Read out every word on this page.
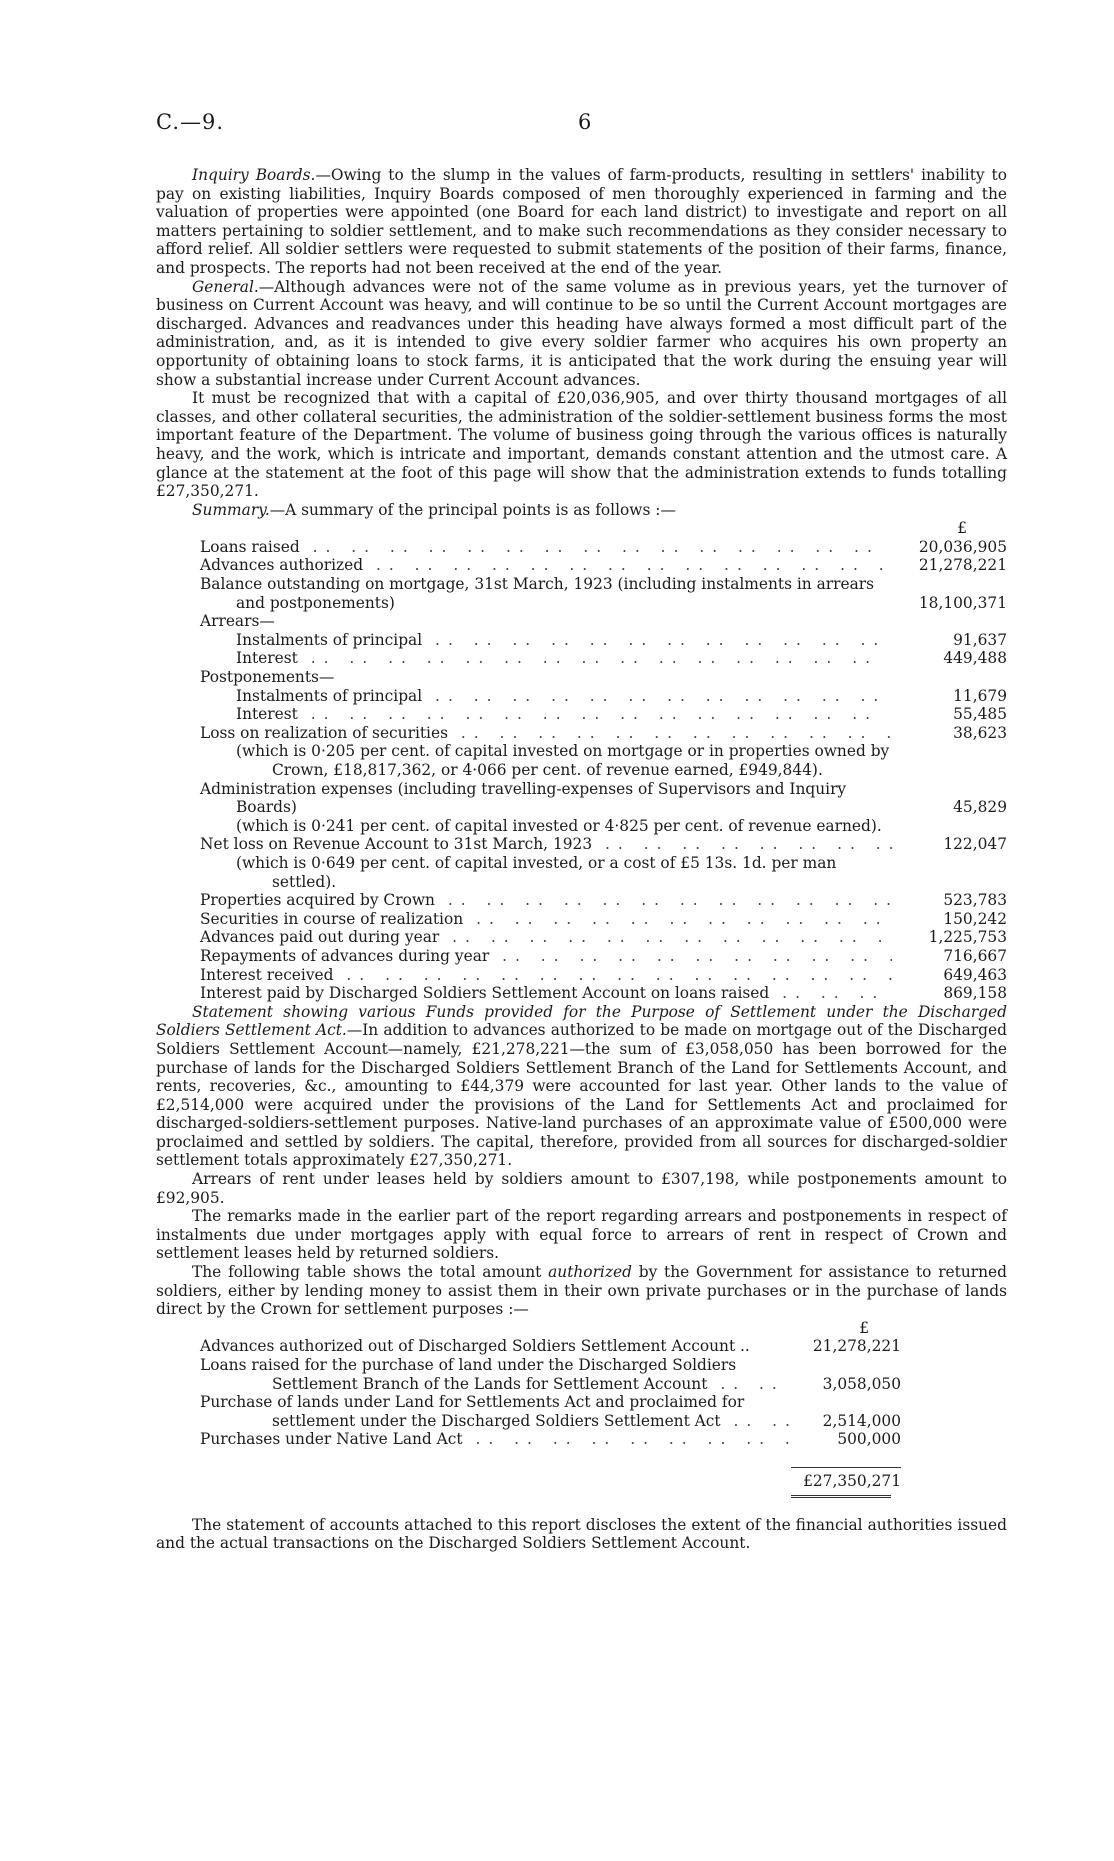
C.—9.	6

Inquiry Boards.—Owing to the slump in the values of farm-products, resulting in settlers' inability to pay on existing liabilities, Inquiry Boards composed of men thoroughly experienced in farming and the valuation of properties were appointed (one Board for each land district) to investigate and report on all matters pertaining to soldier settlement, and to make such recommendations as they consider necessary to afford relief. All soldier settlers were requested to submit statements of the position of their farms, finance, and prospects. The reports had not been received at the end of the year.

General.—Although advances were not of the same volume as in previous years, yet the turnover of business on Current Account was heavy, and will continue to be so until the Current Account mortgages are discharged. Advances and readvances under this heading have always formed a most difficult part of the administration, and, as it is intended to give every soldier farmer who acquires his own property an opportunity of obtaining loans to stock farms, it is anticipated that the work during the ensuing year will show a substantial increase under Current Account advances.

It must be recognized that with a capital of £20,036,905, and over thirty thousand mortgages of all classes, and other collateral securities, the administration of the soldier-settlement business forms the most important feature of the Department. The volume of business going through the various offices is naturally heavy, and the work, which is intricate and important, demands constant attention and the utmost care. A glance at the statement at the foot of this page will show that the administration extends to funds totalling £27,350,271.

Summary.—A summary of the principal points is as follows :—

£
Loans raised .. ..	20,036,905
Advances authorized .. ..	21,278,221
Balance outstanding on mortgage, 31st March, 1923 (including instalments in arrears and postponements)	18,100,371
Arrears—
Instalments of principal .. ..	91,637
Interest .. ..	449,488
Postponements—
Instalments of principal .. ..	11,679
Interest .. ..	55,485
Loss on realization of securities .. ..	38,623
(which is 0·205 per cent. of capital invested on mortgage or in properties owned by Crown, £18,817,362, or 4·066 per cent. of revenue earned, £949,844).
Administration expenses (including travelling-expenses of Supervisors and Inquiry Boards)	45,829
(which is 0·241 per cent. of capital invested or 4·825 per cent. of revenue earned).
Net loss on Revenue Account to 31st March, 1923 .. ..	122,047
(which is 0·649 per cent. of capital invested, or a cost of £5 13s. 1d. per man settled).
Properties acquired by Crown .. ..	523,783
Securities in course of realization .. ..	150,242
Advances paid out during year .. ..	1,225,753
Repayments of advances during year .. ..	716,667
Interest received .. ..	649,463
Interest paid by Discharged Soldiers Settlement Account on loans raised .. ..	869,158

Statement showing various Funds provided for the Purpose of Settlement under the Discharged Soldiers Settlement Act.—In addition to advances authorized to be made on mortgage out of the Discharged Soldiers Settlement Account—namely, £21,278,221—the sum of £3,058,050 has been borrowed for the purchase of lands for the Discharged Soldiers Settlement Branch of the Land for Settlements Account, and rents, recoveries, &c., amounting to £44,379 were accounted for last year. Other lands to the value of £2,514,000 were acquired under the provisions of the Land for Settlements Act and proclaimed for discharged-soldiers-settlement purposes. Native-land purchases of an approximate value of £500,000 were proclaimed and settled by soldiers. The capital, therefore, provided from all sources for discharged-soldier settlement totals approximately £27,350,271.

Arrears of rent under leases held by soldiers amount to £307,198, while postponements amount to £92,905.

The remarks made in the earlier part of the report regarding arrears and postponements in respect of instalments due under mortgages apply with equal force to arrears of rent in respect of Crown and settlement leases held by returned soldiers.

The following table shows the total amount authorized by the Government for assistance to returned soldiers, either by lending money to assist them in their own private purchases or in the purchase of lands direct by the Crown for settlement purposes :—

£
Advances authorized out of Discharged Soldiers Settlement Account ..	21,278,221
Loans raised for the purchase of land under the Discharged Soldiers
Settlement Branch of the Lands for Settlement Account .. ..	3,058,050
Purchase of lands under Land for Settlements Act and proclaimed for
settlement under the Discharged Soldiers Settlement Act .. ..	2,514,000
Purchases under Native Land Act .. ..	500,000
£27,350,271

The statement of accounts attached to this report discloses the extent of the financial authorities issued and the actual transactions on the Discharged Soldiers Settlement Account.
